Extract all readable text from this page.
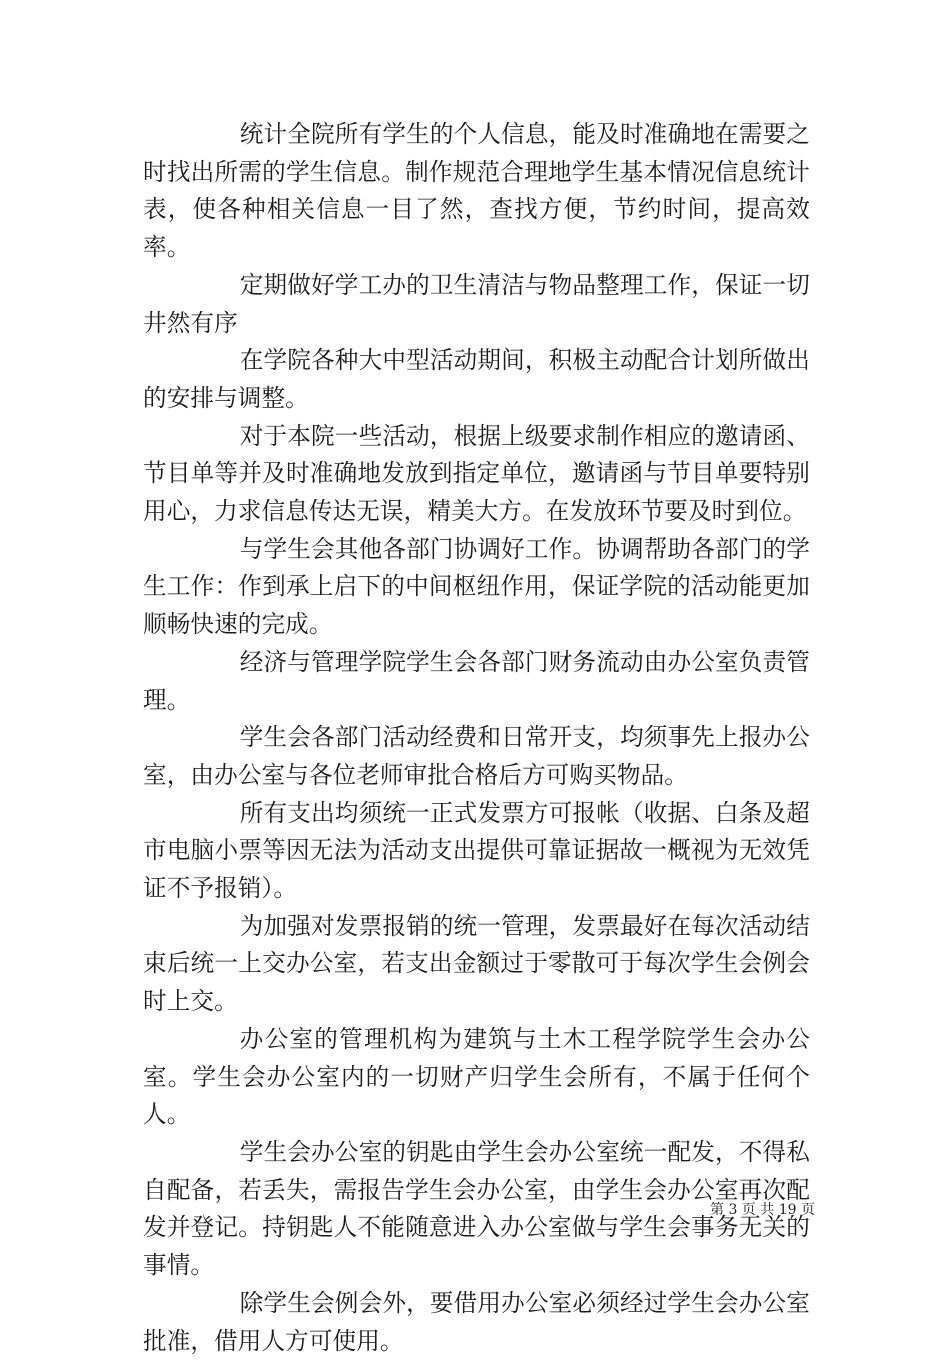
统计全院所有学生的个人信息，能及时准确地在需要之时找出所需的学生信息。制作规范合理地学生基本情况信息统计表，使各种相关信息一目了然，查找方便，节约时间，提高效率。

定期做好学工办的卫生清洁与物品整理工作，保证一切井然有序

在学院各种大中型活动期间，积极主动配合计划所做出的安排与调整。

对于本院一些活动，根据上级要求制作相应的邀请函、节目单等并及时准确地发放到指定单位，邀请函与节目单要特别用心，力求信息传达无误，精美大方。在发放环节要及时到位。

与学生会其他各部门协调好工作。协调帮助各部门的学生工作：作到承上启下的中间枢纽作用，保证学院的活动能更加顺畅快速的完成。

经济与管理学院学生会各部门财务流动由办公室负责管理。

学生会各部门活动经费和日常开支，均须事先上报办公室，由办公室与各位老师审批合格后方可购买物品。

所有支出均须统一正式发票方可报帐（收据、白条及超市电脑小票等因无法为活动支出提供可靠证据故一概视为无效凭证不予报销）。

为加强对发票报销的统一管理，发票最好在每次活动结束后统一上交办公室，若支出金额过于零散可于每次学生会例会时上交。

办公室的管理机构为建筑与土木工程学院学生会办公室。学生会办公室内的一切财产归学生会所有，不属于任何个人。

学生会办公室的钥匙由学生会办公室统一配发，不得私自配备，若丢失，需报告学生会办公室，由学生会办公室再次配发并登记。持钥匙人不能随意进入办公室做与学生会事务无关的事情。

除学生会例会外，要借用办公室必须经过学生会办公室批准，借用人方可使用。

第 3 页 共 19 页
